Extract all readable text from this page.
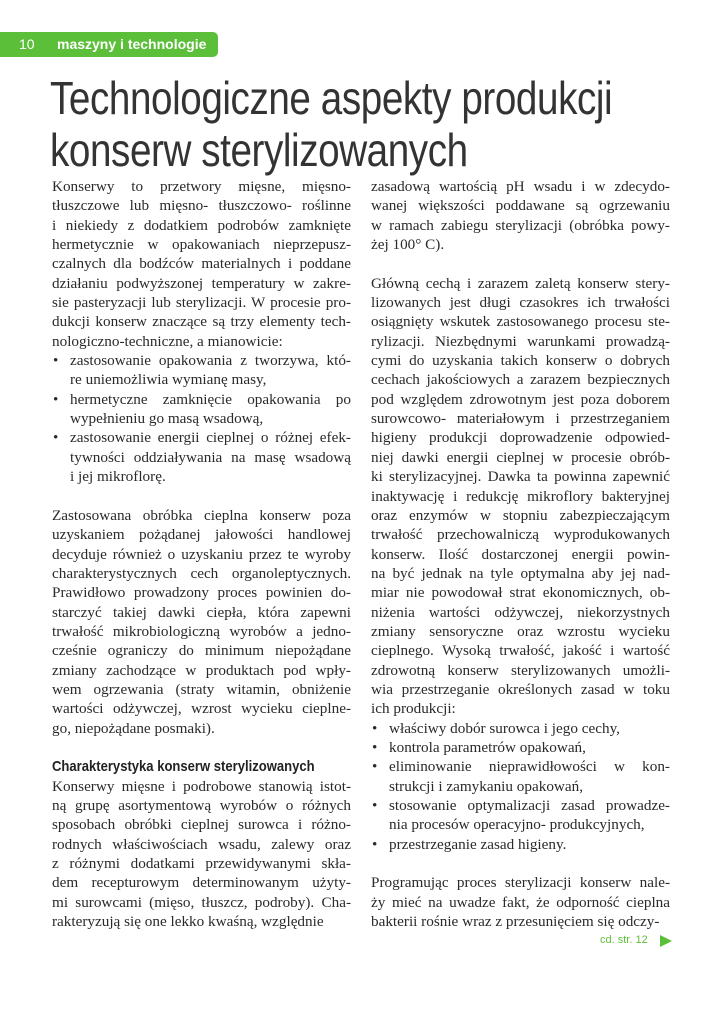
10 maszyny i technologie
Technologiczne aspekty produkcji
konserw sterylizowanych
Konserwy to przetwory mięsne, mięsno-
tłuszczowe lub mięsno- tłuszczowo- roślinne
i niekiedy z dodatkiem podrobów zamknięte
hermetycznie w opakowaniach nieprzepusz-
czalnych dla bodźców materialnych i poddane
działaniu podwyższonej temperatury w zakre-
sie pasteryzacji lub sterylizacji. W procesie pro-
dukcji konserw znaczące są trzy elementy tech-
nologiczno-techniczne, a mianowicie:
• zastosowanie opakowania z tworzywa, któ-
re uniemożliwia wymianę masy,
• hermetyczne zamknięcie opakowania po
wypełnieniu go masą wsadową,
• zastosowanie energii cieplnej o różnej efek-
tywności oddziaływania na masę wsadową
i jej mikroflorę.
Zastosowana obróbka cieplna konserw poza
uzyskaniem pożądanej jałowości handlowej
decyduje również o uzyskaniu przez te wyroby
charakterystycznych cech organoleptycznych.
Prawidłowo prowadzony proces powinien do-
starczyć takiej dawki ciepła, która zapewni
trwałość mikrobiologiczną wyrobów a jedno-
cześnie ograniczy do minimum niepożądane
zmiany zachodzące w produktach pod wpły-
wem ogrzewania (straty witamin, obniżenie
wartości odżywczej, wzrost wycieku cieplne-
go, niepożądane posmaki).
Charakterystyka konserw sterylizowanych
Konserwy mięsne i podrobowe stanowią istot-
ną grupę asortymentową wyrobów o różnych
sposobach obróbki cieplnej surowca i różno-
rodnych właściwościach wsadu, zalewy oraz
z różnymi dodatkami przewidywanymi skła-
dem recepturowym determinowanym użyty-
mi surowcami (mięso, tłuszcz, podroby). Cha-
rakteryzują się one lekko kwaśną, względnie
zasadową wartością pH wsadu i w zdecydo-
wanej większości poddawane są ogrzewaniu
w ramach zabiegu sterylizacji (obróbka powy-
żej 100° C).
Główną cechą i zarazem zaletą konserw stery-
lizowanych jest długi czasokres ich trwałości
osiągnięty wskutek zastosowanego procesu ste-
rylizacji. Niezbędnymi warunkami prowadzą-
cymi do uzyskania takich konserw o dobrych
cechach jakościowych a zarazem bezpiecznych
pod względem zdrowotnym jest poza doborem
surowcowo- materiałowym i przestrzeganiem
higieny produkcji doprowadzenie odpowied-
niej dawki energii cieplnej w procesie obrób-
ki sterylizacyjnej. Dawka ta powinna zapewnić
inaktywację i redukcję mikroflory bakteryjnej
oraz enzymów w stopniu zabezpieczającym
trwałość przechowalniczą wyprodukowanych
konserw. Ilość dostarczonej energii powin-
na być jednak na tyle optymalna aby jej nad-
miar nie powodował strat ekonomicznych, ob-
niżenia wartości odżywczej, niekorzystnych
zmiany sensoryczne oraz wzrostu wycieku
cieplnego. Wysoką trwałość, jakość i wartość
zdrowotną konserw sterylizowanych umożli-
wia przestrzeganie określonych zasad w toku
ich produkcji:
• właściwy dobór surowca i jego cechy,
• kontrola parametrów opakowań,
• eliminowanie nieprawidłowości w kon-
strukcji i zamykaniu opakowań,
• stosowanie optymalizacji zasad prowadze-
nia procesów operacyjno- produkcyjnych,
• przestrzeganie zasad higieny.
Programując proces sterylizacji konserw nale-
ży mieć na uwadze fakt, że odporność cieplna
bakterii rośnie wraz z przesunięciem się odczy-
cd. str. 12
